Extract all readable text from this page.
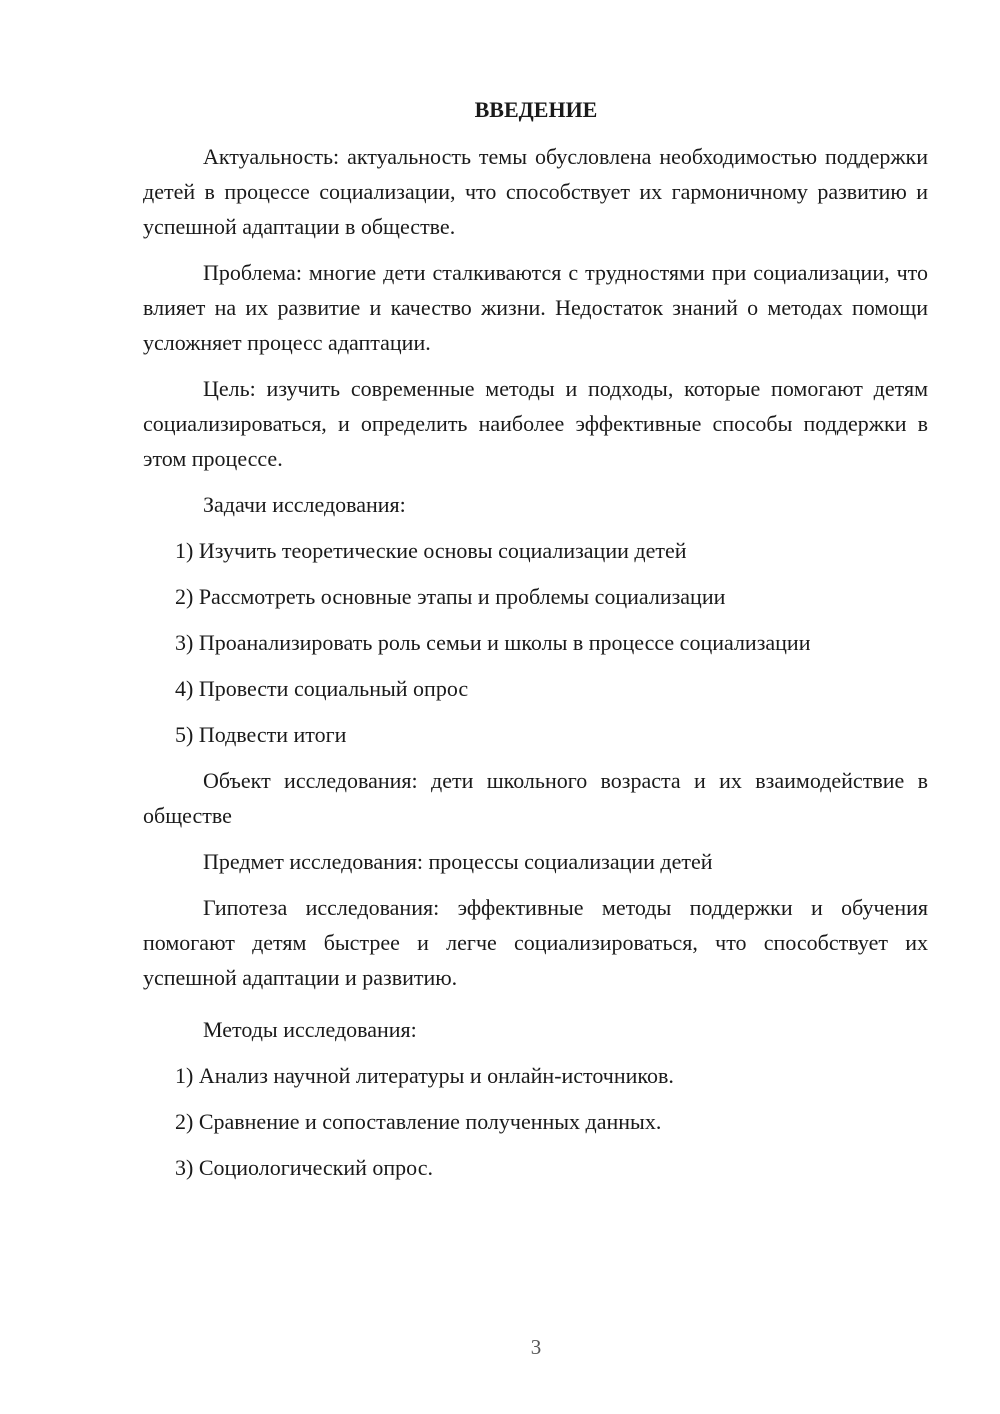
ВВЕДЕНИЕ

Актуальность: актуальность темы обусловлена необходимостью поддержки детей в процессе социализации, что способствует их гармоничному развитию и успешной адаптации в обществе.

Проблема: многие дети сталкиваются с трудностями при социализации, что влияет на их развитие и качество жизни. Недостаток знаний о методах помощи усложняет процесс адаптации.

Цель: изучить современные методы и подходы, которые помогают детям социализироваться, и определить наиболее эффективные способы поддержки в этом процессе.

Задачи исследования:

1) Изучить теоретические основы социализации детей

2) Рассмотреть основные этапы и проблемы социализации

3) Проанализировать роль семьи и школы в процессе социализации

4) Провести социальный опрос

5) Подвести итоги

Объект исследования: дети школьного возраста и их взаимодействие в обществе

Предмет исследования: процессы социализации детей

Гипотеза исследования: эффективные методы поддержки и обучения помогают детям быстрее и легче социализироваться, что способствует их успешной адаптации и развитию.

Методы исследования:

1) Анализ научной литературы и онлайн-источников.

2) Сравнение и сопоставление полученных данных.

3) Социологический опрос.

3
